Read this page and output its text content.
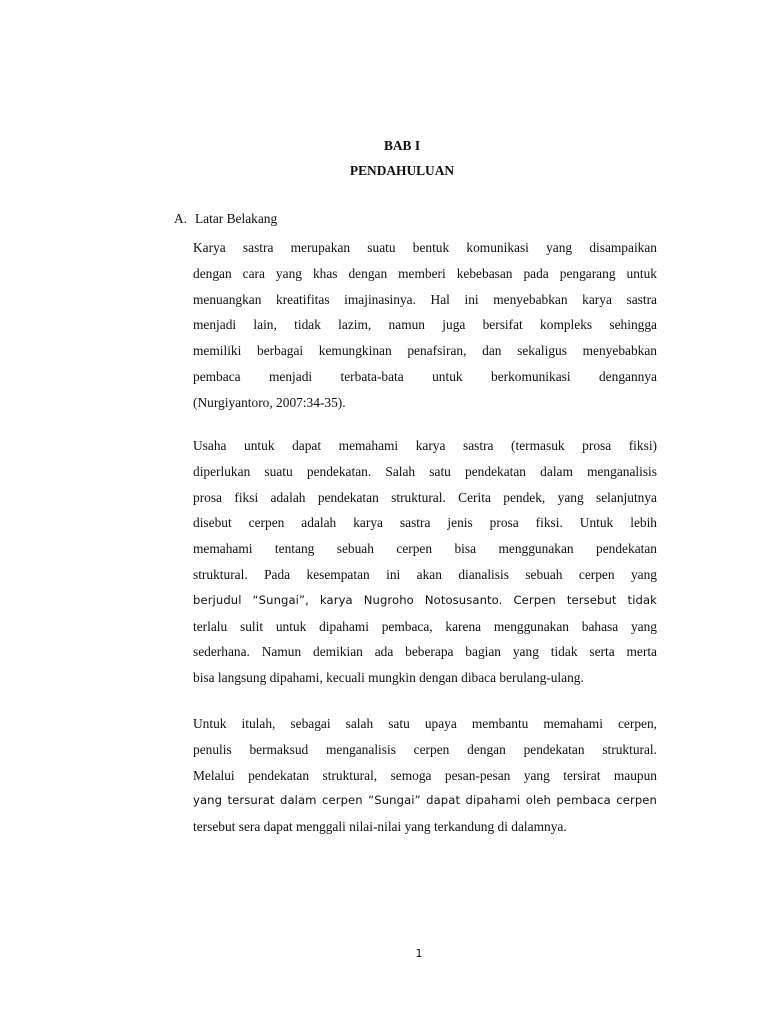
BAB I
PENDAHULUAN
A. Latar Belakang
Karya sastra merupakan suatu bentuk komunikasi yang disampaikan
dengan cara yang khas dengan memberi kebebasan pada pengarang untuk
menuangkan kreatifitas imajinasinya. Hal ini menyebabkan karya sastra
menjadi lain, tidak lazim, namun juga bersifat kompleks sehingga
memiliki berbagai kemungkinan penafsiran, dan sekaligus menyebabkan
pembaca menjadi terbata-bata untuk berkomunikasi dengannya
(Nurgiyantoro, 2007:34-35).
Usaha untuk dapat memahami karya sastra (termasuk prosa fiksi)
diperlukan suatu pendekatan. Salah satu pendekatan dalam menganalisis
prosa fiksi adalah pendekatan struktural. Cerita pendek, yang selanjutnya
disebut cerpen adalah karya sastra jenis prosa fiksi. Untuk lebih
memahami tentang sebuah cerpen bisa menggunakan pendekatan
struktural. Pada kesempatan ini akan dianalisis sebuah cerpen yang
berjudul “Sungai”, karya Nugroho Notosusanto. Cerpen tersebut tidak
terlalu sulit untuk dipahami pembaca, karena menggunakan bahasa yang
sederhana. Namun demikian ada beberapa bagian yang tidak serta merta
bisa langsung dipahami, kecuali mungkin dengan dibaca berulang-ulang.
Untuk itulah, sebagai salah satu upaya membantu memahami cerpen,
penulis bermaksud menganalisis cerpen dengan pendekatan struktural.
Melalui pendekatan struktural, semoga pesan-pesan yang tersirat maupun
yang tersurat dalam cerpen “Sungai” dapat dipahami oleh pembaca cerpen
tersebut sera dapat menggali nilai-nilai yang terkandung di dalamnya.
1
